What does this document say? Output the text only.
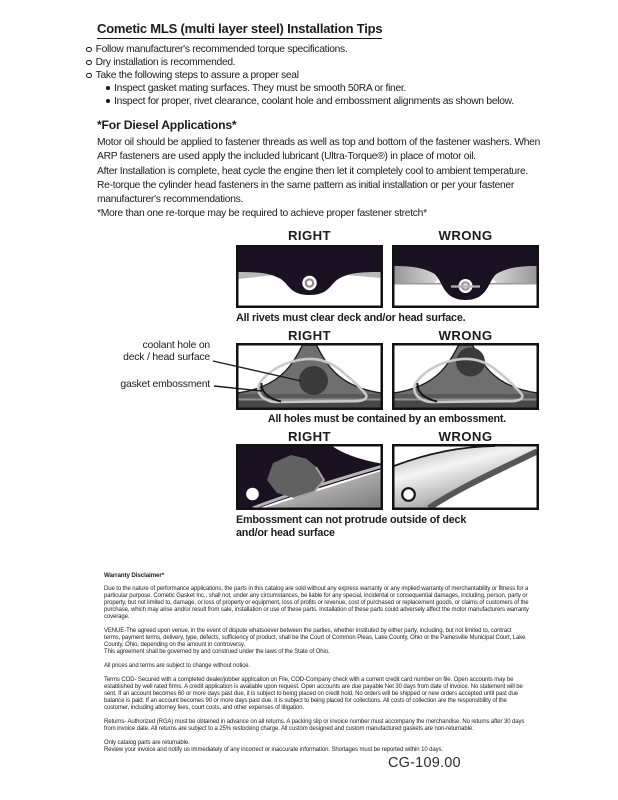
Cometic MLS (multi layer steel) Installation Tips
Follow manufacturer's recommended torque specifications.
Dry installation is recommended.
Take the following steps to assure a proper seal
Inspect gasket mating surfaces. They must be smooth 50RA or finer.
Inspect for proper, rivet clearance, coolant hole and embossment alignments as shown below.
*For Diesel Applications*

Motor oil should be applied to fastener threads as well as top and bottom of the fastener washers. When ARP fasteners are used apply the included lubricant (Ultra-Torque®) in place of motor oil.

After Installation is complete, heat cycle the engine then let it completely cool to ambient temperature. Re-torque the cylinder head fasteners in the same pattern as initial installation or per your fastener manufacturer's recommendations.

*More than one re-torque may be required to achieve proper fastener stretch*

RIGHT	WRONG
All rivets must clear deck and/or head surface.
RIGHT	WRONG
All holes must be contained by an embossment.
coolant hole on
deck / head surface
gasket embossment
RIGHT	WRONG
Embossment can not protrude outside of deck
and/or head surface

Warranty Disclaimer*

Due to the nature of performance applications, the parts in this catalog are sold without any express warranty or any implied warranty of merchantability or fitness for a particular purpose. Cometic Gasket Inc., shall not, under any circumstances, be liable for any special, incidental or consequential damages, including, person, party or property, but not limited to, damage, or loss of property or equipment, loss of profits or revenue, cost of purchased or replacement goods, or claims of customers of the purchase, which may arise and/or result from sale, installation or use of these parts. Installation of these parts could adversely affect the motor manufacturers warranty coverage.

VENUE-The agreed upon venue, in the event of dispute whatsoever between the parties, whether instituted by either party, including, but not limited to, contract terms, payment terms, delivery, type, defects, sufficiency of product, shall be the Court of Common Pleas, Lake County, Ohio or the Painesville Municipal Court, Lake County, Ohio, depending on the amount in controversy.

This agreement shall be governed by and construed under the laws of the State of Ohio.

All prices and terms are subject to change without notice.

Terms COD- Secured with a completed dealer/jobber application on File, COD-Company check with a current credit card number on file. Open accounts may be established by well rated firms. A credit application is available upon request. Open accounts are due payable Net 30 days from date of invoice. No statement will be sent. If an account becomes 60 or more days past due, it is subject to being placed on credit hold. No orders will be shipped or new orders accepted until past due balance is paid. If an account becomes 90 or more days past due, it is subject to being placed for collections. All costs of collection are the responsibility of the customer, including attorney fees, court costs, and other expenses of litigation.

Returns- Authorized (RGA) must be obtained in advance on all returns. A packing slip or invoice number must accompany the merchandise. No returns after 30 days from invoice date. All returns are subject to a 25% restocking charge. All custom designed and custom manufactured gaskets are non-returnable.

Only catalog parts are returnable.

Review your invoice and notify us immediately of any incorrect or inaccurate information. Shortages must be reported within 10 days.

CG-109.00
